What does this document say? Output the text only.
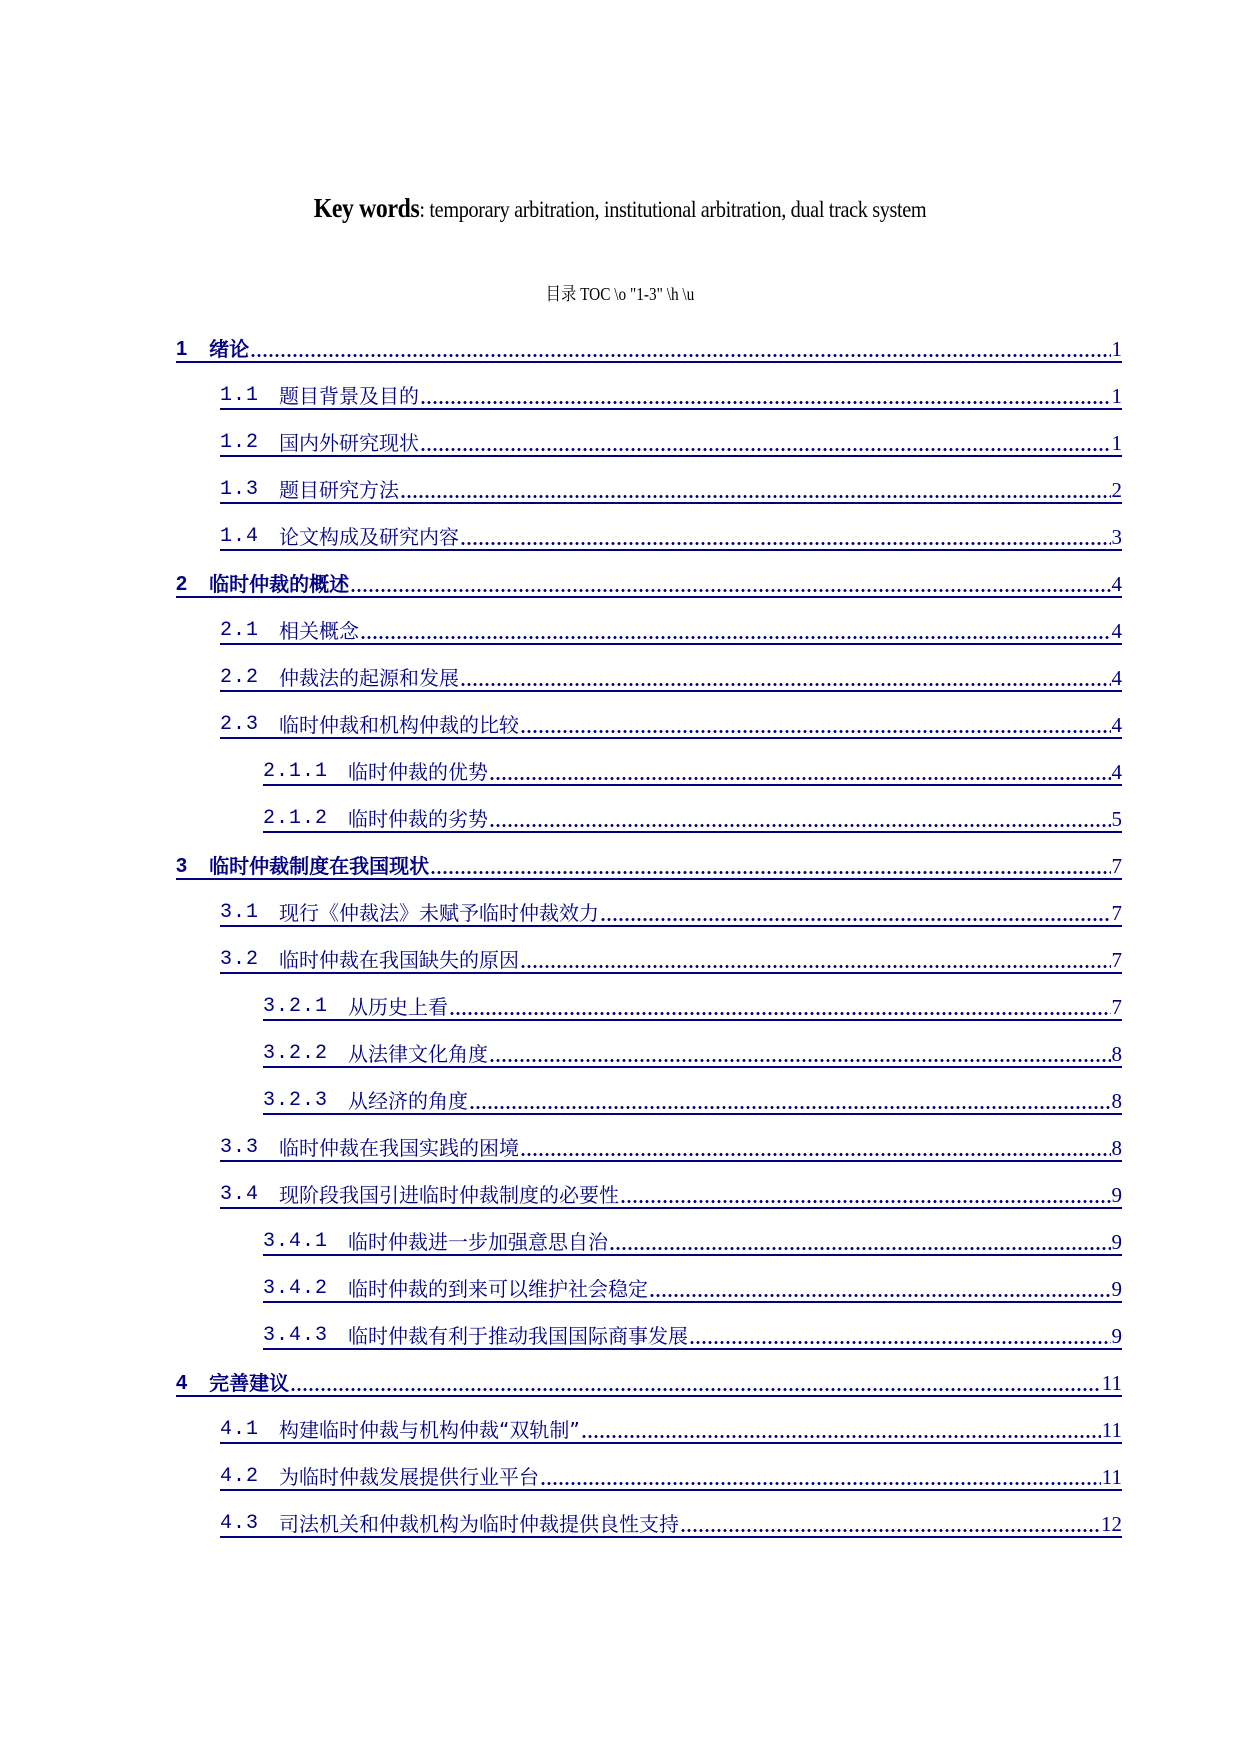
Key words: temporary arbitration, institutional arbitration, dual track system
目录 TOC \o "1-3" \h \u
1 绪论	1
1.1 题目背景及目的	1
1.2 国内外研究现状	1
1.3 题目研究方法	2
1.4 论文构成及研究内容	3
2 临时仲裁的概述	4
2.1 相关概念	4
2.2 仲裁法的起源和发展	4
2.3 临时仲裁和机构仲裁的比较	4
2.1.1 临时仲裁的优势	4
2.1.2 临时仲裁的劣势	5
3 临时仲裁制度在我国现状	7
3.1 现行《仲裁法》未赋予临时仲裁效力	7
3.2 临时仲裁在我国缺失的原因	7
3.2.1 从历史上看	7
3.2.2 从法律文化角度	8
3.2.3 从经济的角度	8
3.3 临时仲裁在我国实践的困境	8
3.4 现阶段我国引进临时仲裁制度的必要性	9
3.4.1 临时仲裁进一步加强意思自治	9
3.4.2 临时仲裁的到来可以维护社会稳定	9
3.4.3 临时仲裁有利于推动我国国际商事发展	9
4 完善建议	11
4.1 构建临时仲裁与机构仲裁“双轨制”	11
4.2 为临时仲裁发展提供行业平台	11
4.3 司法机关和仲裁机构为临时仲裁提供良性支持	12
